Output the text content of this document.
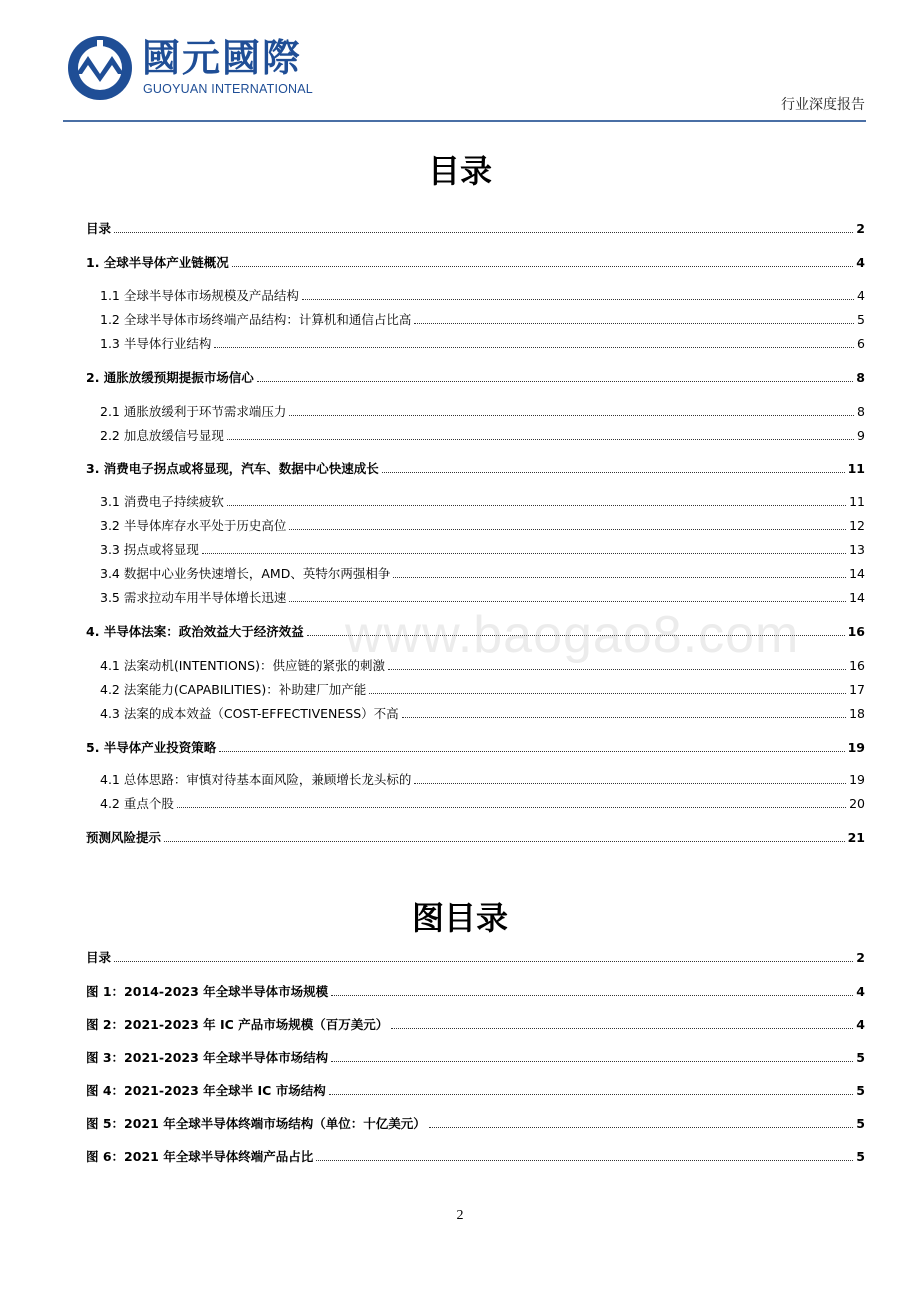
國元國際
GUOYUAN INTERNATIONAL
行业深度报告
目录
目录	2
1. 全球半导体产业链概况	4
1.1 全球半导体市场规模及产品结构	4
1.2 全球半导体市场终端产品结构：计算机和通信占比高	5
1.3 半导体行业结构	6
2. 通胀放缓预期提振市场信心	8
2.1 通胀放缓利于环节需求端压力	8
2.2 加息放缓信号显现	9
3. 消费电子拐点或将显现，汽车、数据中心快速成长	11
3.1 消费电子持续疲软	11
3.2 半导体库存水平处于历史高位	12
3.3 拐点或将显现	13
3.4 数据中心业务快速增长，AMD、英特尔两强相争	14
3.5 需求拉动车用半导体增长迅速	14
4. 半导体法案：政治效益大于经济效益	16
4.1 法案动机(INTENTIONS)：供应链的紧张的刺激	16
4.2 法案能力(CAPABILITIES)：补助建厂加产能	17
4.3 法案的成本效益（COST-EFFECTIVENESS）不高	18
5. 半导体产业投资策略	19
4.1 总体思路：审慎对待基本面风险，兼顾增长龙头标的	19
4.2 重点个股	20
预测风险提示	21
www.baogao8.com
图目录
目录	2
图 1：2014-2023 年全球半导体市场规模	4
图 2：2021-2023 年 IC 产品市场规模（百万美元）	4
图 3：2021-2023 年全球半导体市场结构	5
图 4：2021-2023 年全球半 IC 市场结构	5
图 5：2021 年全球半导体终端市场结构（单位：十亿美元）	5
图 6：2021 年全球半导体终端产品占比	5
2
